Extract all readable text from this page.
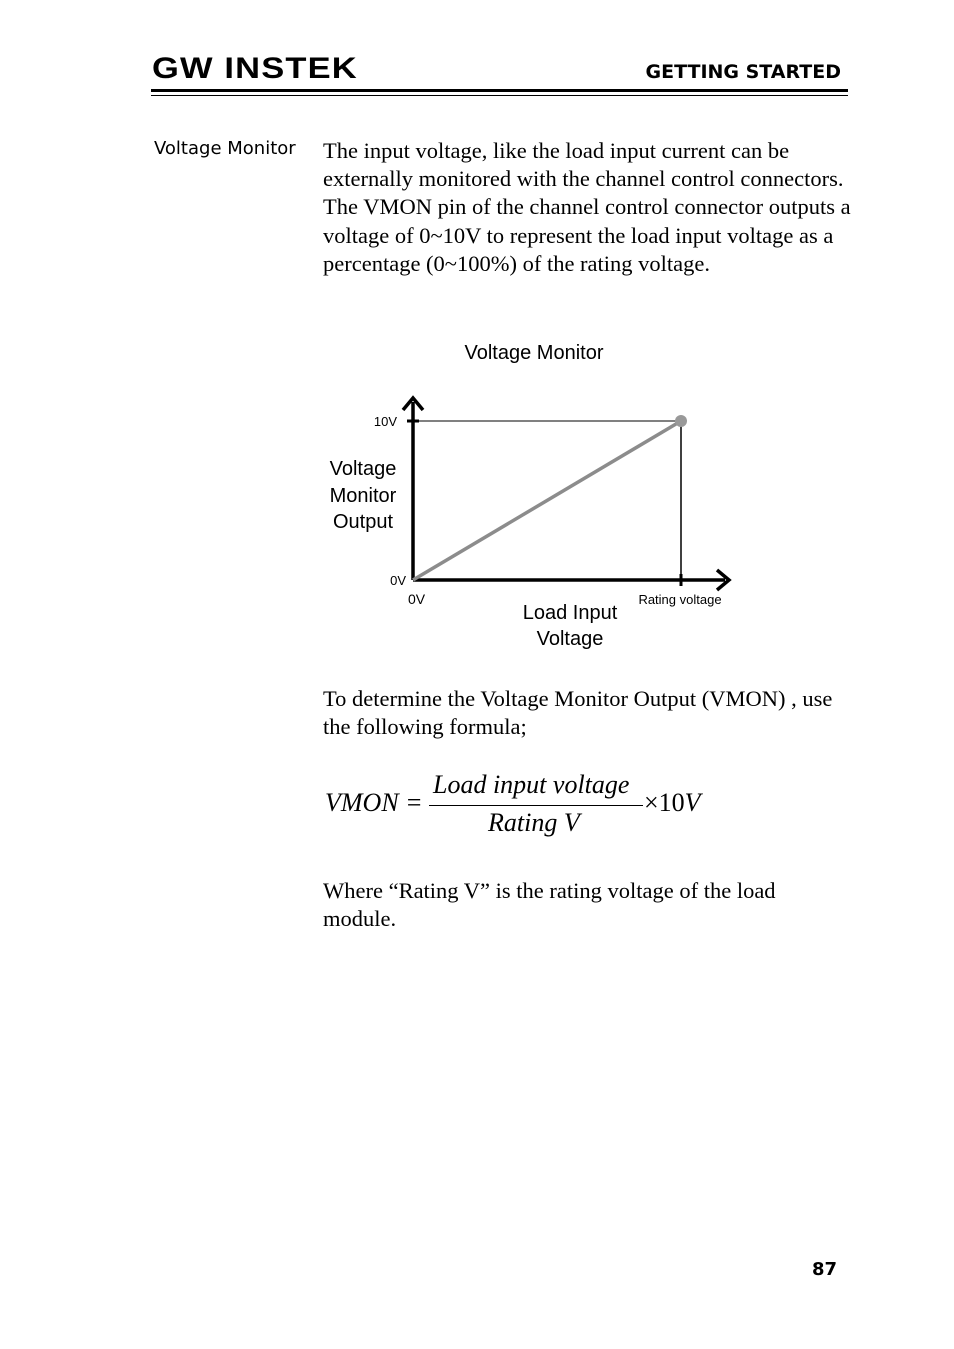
GW INSTEK	GETTING STARTED
Voltage Monitor The input voltage, like the load input current can be externally monitored with the channel control connectors. The VMON pin of the channel control connector outputs a voltage of 0~10V to represent the load input voltage as a percentage (0~100%) of the rating voltage.

Voltage Monitor
10V
0V
0V	Rating voltage
Voltage
Monitor
Output
Load Input
Voltage

To determine the Voltage Monitor Output (VMON) , use the following formula;

VMON =
Load input voltage
Rating V
×10V

Where “Rating V” is the rating voltage of the load module.

87
